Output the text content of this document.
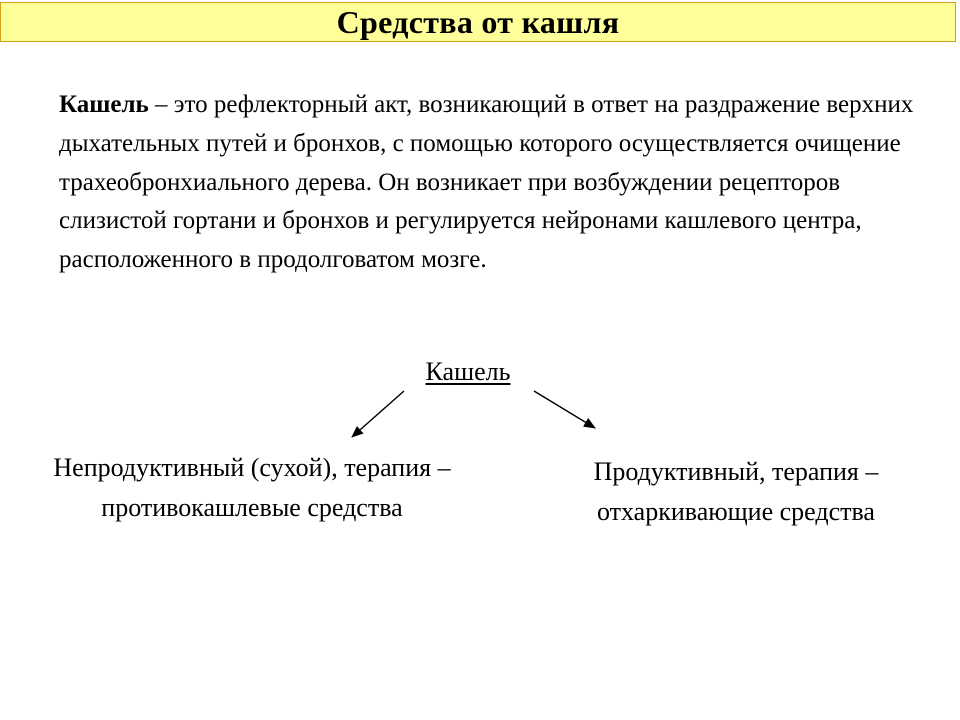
Средства от кашля

Кашель – это рефлекторный акт, возникающий в ответ на раздражение верхних дыхательных путей и бронхов, с помощью которого осуществляется очищение трахеобронхиального дерева. Он возникает при возбуждении рецепторов слизистой гортани и бронхов и регулируется нейронами кашлевого центра, расположенного в продолговатом мозге.

Кашель
Непродуктивный (сухой), терапия –
противокашлевые средства
Продуктивный, терапия –
отхаркивающие средства
